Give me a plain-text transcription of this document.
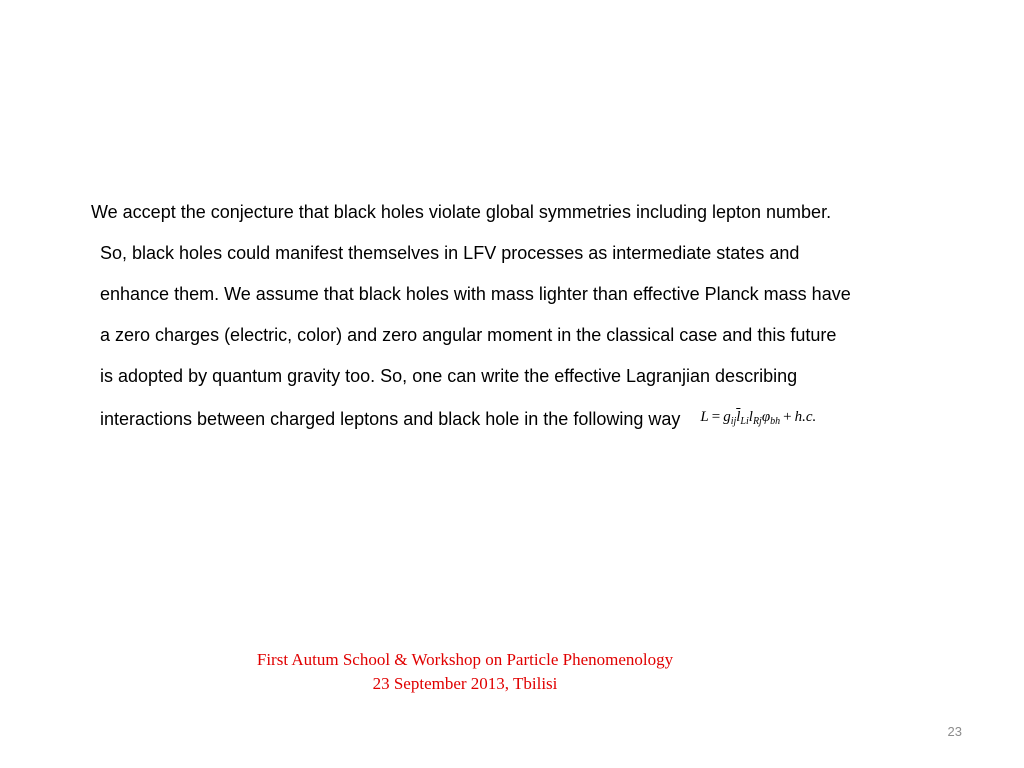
We accept the conjecture that black holes violate global symmetries including lepton number.
So, black holes could manifest themselves in LFV processes as intermediate states and
enhance them. We assume that black holes with mass lighter than effective Planck mass have
a zero charges (electric, color) and zero angular moment in the classical case and this future
is adopted by quantum gravity too. So, one can write the effective Lagranjian describing
interactions between charged leptons and black hole in the following way $L = g_{ij}\overline{l}_{Li}l_{Rj}\varphi_{bh} + h.c$.
First Autum School & Workshop on Particle Phenomenology
23 September 2013, Tbilisi
23
